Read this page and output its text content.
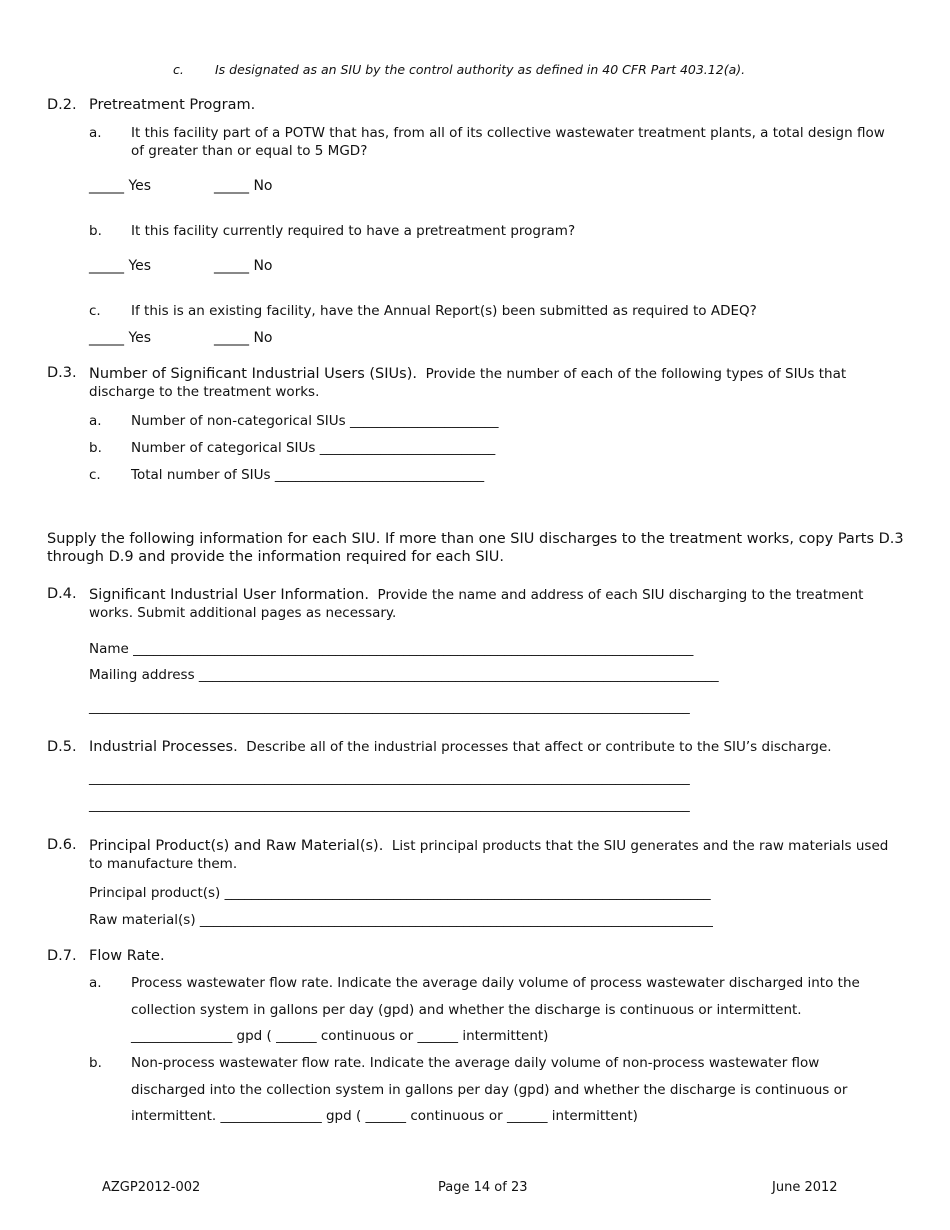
c. Is designated as an SIU by the control authority as defined in 40 CFR Part 403.12(a).
D.2. Pretreatment Program.
a. It this facility part of a POTW that has, from all of its collective wastewater treatment plants, a total design flow of greater than or equal to 5 MGD?
_____ Yes	_____ No
b. It this facility currently required to have a pretreatment program?
_____ Yes	_____ No
c. If this is an existing facility, have the Annual Report(s) been submitted as required to ADEQ?
_____ Yes	_____ No
D.3. Number of Significant Industrial Users (SIUs). Provide the number of each of the following types of SIUs that discharge to the treatment works.
a. Number of non-categorical SIUs ______________________
b. Number of categorical SIUs __________________________
c. Total number of SIUs _______________________________
Supply the following information for each SIU. If more than one SIU discharges to the treatment works, copy Parts D.3 through D.9 and provide the information required for each SIU.
D.4. Significant Industrial User Information. Provide the name and address of each SIU discharging to the treatment works. Submit additional pages as necessary.
Name ___________________________________________________________________________________
Mailing address _____________________________________________________________________________
_________________________________________________________________________________________
D.5. Industrial Processes. Describe all of the industrial processes that affect or contribute to the SIU’s discharge.
_________________________________________________________________________________________
_________________________________________________________________________________________
D.6. Principal Product(s) and Raw Material(s). List principal products that the SIU generates and the raw materials used to manufacture them.
Principal product(s) ________________________________________________________________________
Raw material(s) ____________________________________________________________________________
D.7. Flow Rate.
a. Process wastewater flow rate. Indicate the average daily volume of process wastewater discharged into the
collection system in gallons per day (gpd) and whether the discharge is continuous or intermittent.
_______________ gpd ( ______ continuous or ______ intermittent)
b. Non-process wastewater flow rate. Indicate the average daily volume of non-process wastewater flow
discharged into the collection system in gallons per day (gpd) and whether the discharge is continuous or
intermittent. _______________ gpd ( ______ continuous or ______ intermittent)
AZGP2012-002	Page 14 of 23	June 2012
